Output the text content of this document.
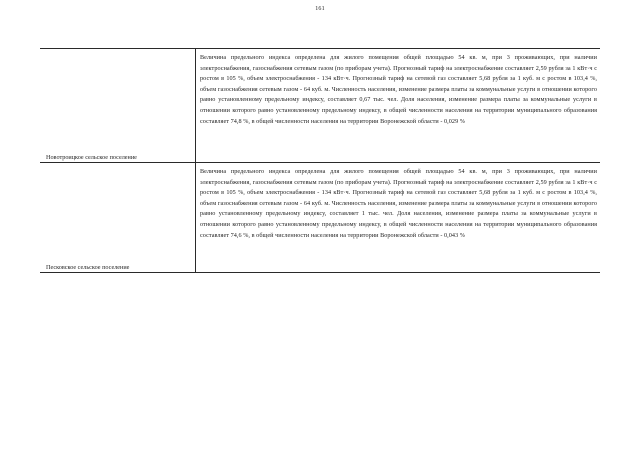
161
Новотроицкое сельское поселение
Величина предельного индекса определена для жилого помещения общей площадью 54 кв. м, при 3 проживающих, при наличии электроснабжения, газоснабжения сетевым газом (по приборам учета). Прогнозный тариф на электроснабжение составляет 2,59 рубля за 1 кВт·ч с ростом в 105 %, объем электроснабжения - 134 кВт·ч. Прогнозный тариф на сетевой газ составляет 5,68 рубля за 1 куб. м с ростом в 103,4 %, объем газоснабжения сетевым газом - 64 куб. м. Численность населения, изменение размера платы за коммунальные услуги в отношении которого равно установленному предельному индексу, составляет 0,67 тыс. чел. Доля населения, изменение размера платы за коммунальные услуги в отношении которого равно установленному предельному индексу, в общей численности населения на территории муниципального образования составляет 74,8 %, в общей численности населения на территории Воронежской области - 0,029 %
Песковское сельское поселение
Величина предельного индекса определена для жилого помещения общей площадью 54 кв. м, при 3 проживающих, при наличии электроснабжения, газоснабжения сетевым газом (по приборам учета). Прогнозный тариф на электроснабжение составляет 2,59 рубля за 1 кВт·ч с ростом в 105 %, объем электроснабжения - 134 кВт·ч. Прогнозный тариф на сетевой газ составляет 5,68 рубля за 1 куб. м с ростом в 103,4 %, объем газоснабжения сетевым газом - 64 куб. м. Численность населения, изменение размера платы за коммунальные услуги в отношении которого равно установленному предельному индексу, составляет 1 тыс. чел. Доля населения, изменение размера платы за коммунальные услуги в отношении которого равно установленному предельному индексу, в общей численности населения на территории муниципального образования составляет 74,6 %, в общей численности населения на территории Воронежской области - 0,043 %
